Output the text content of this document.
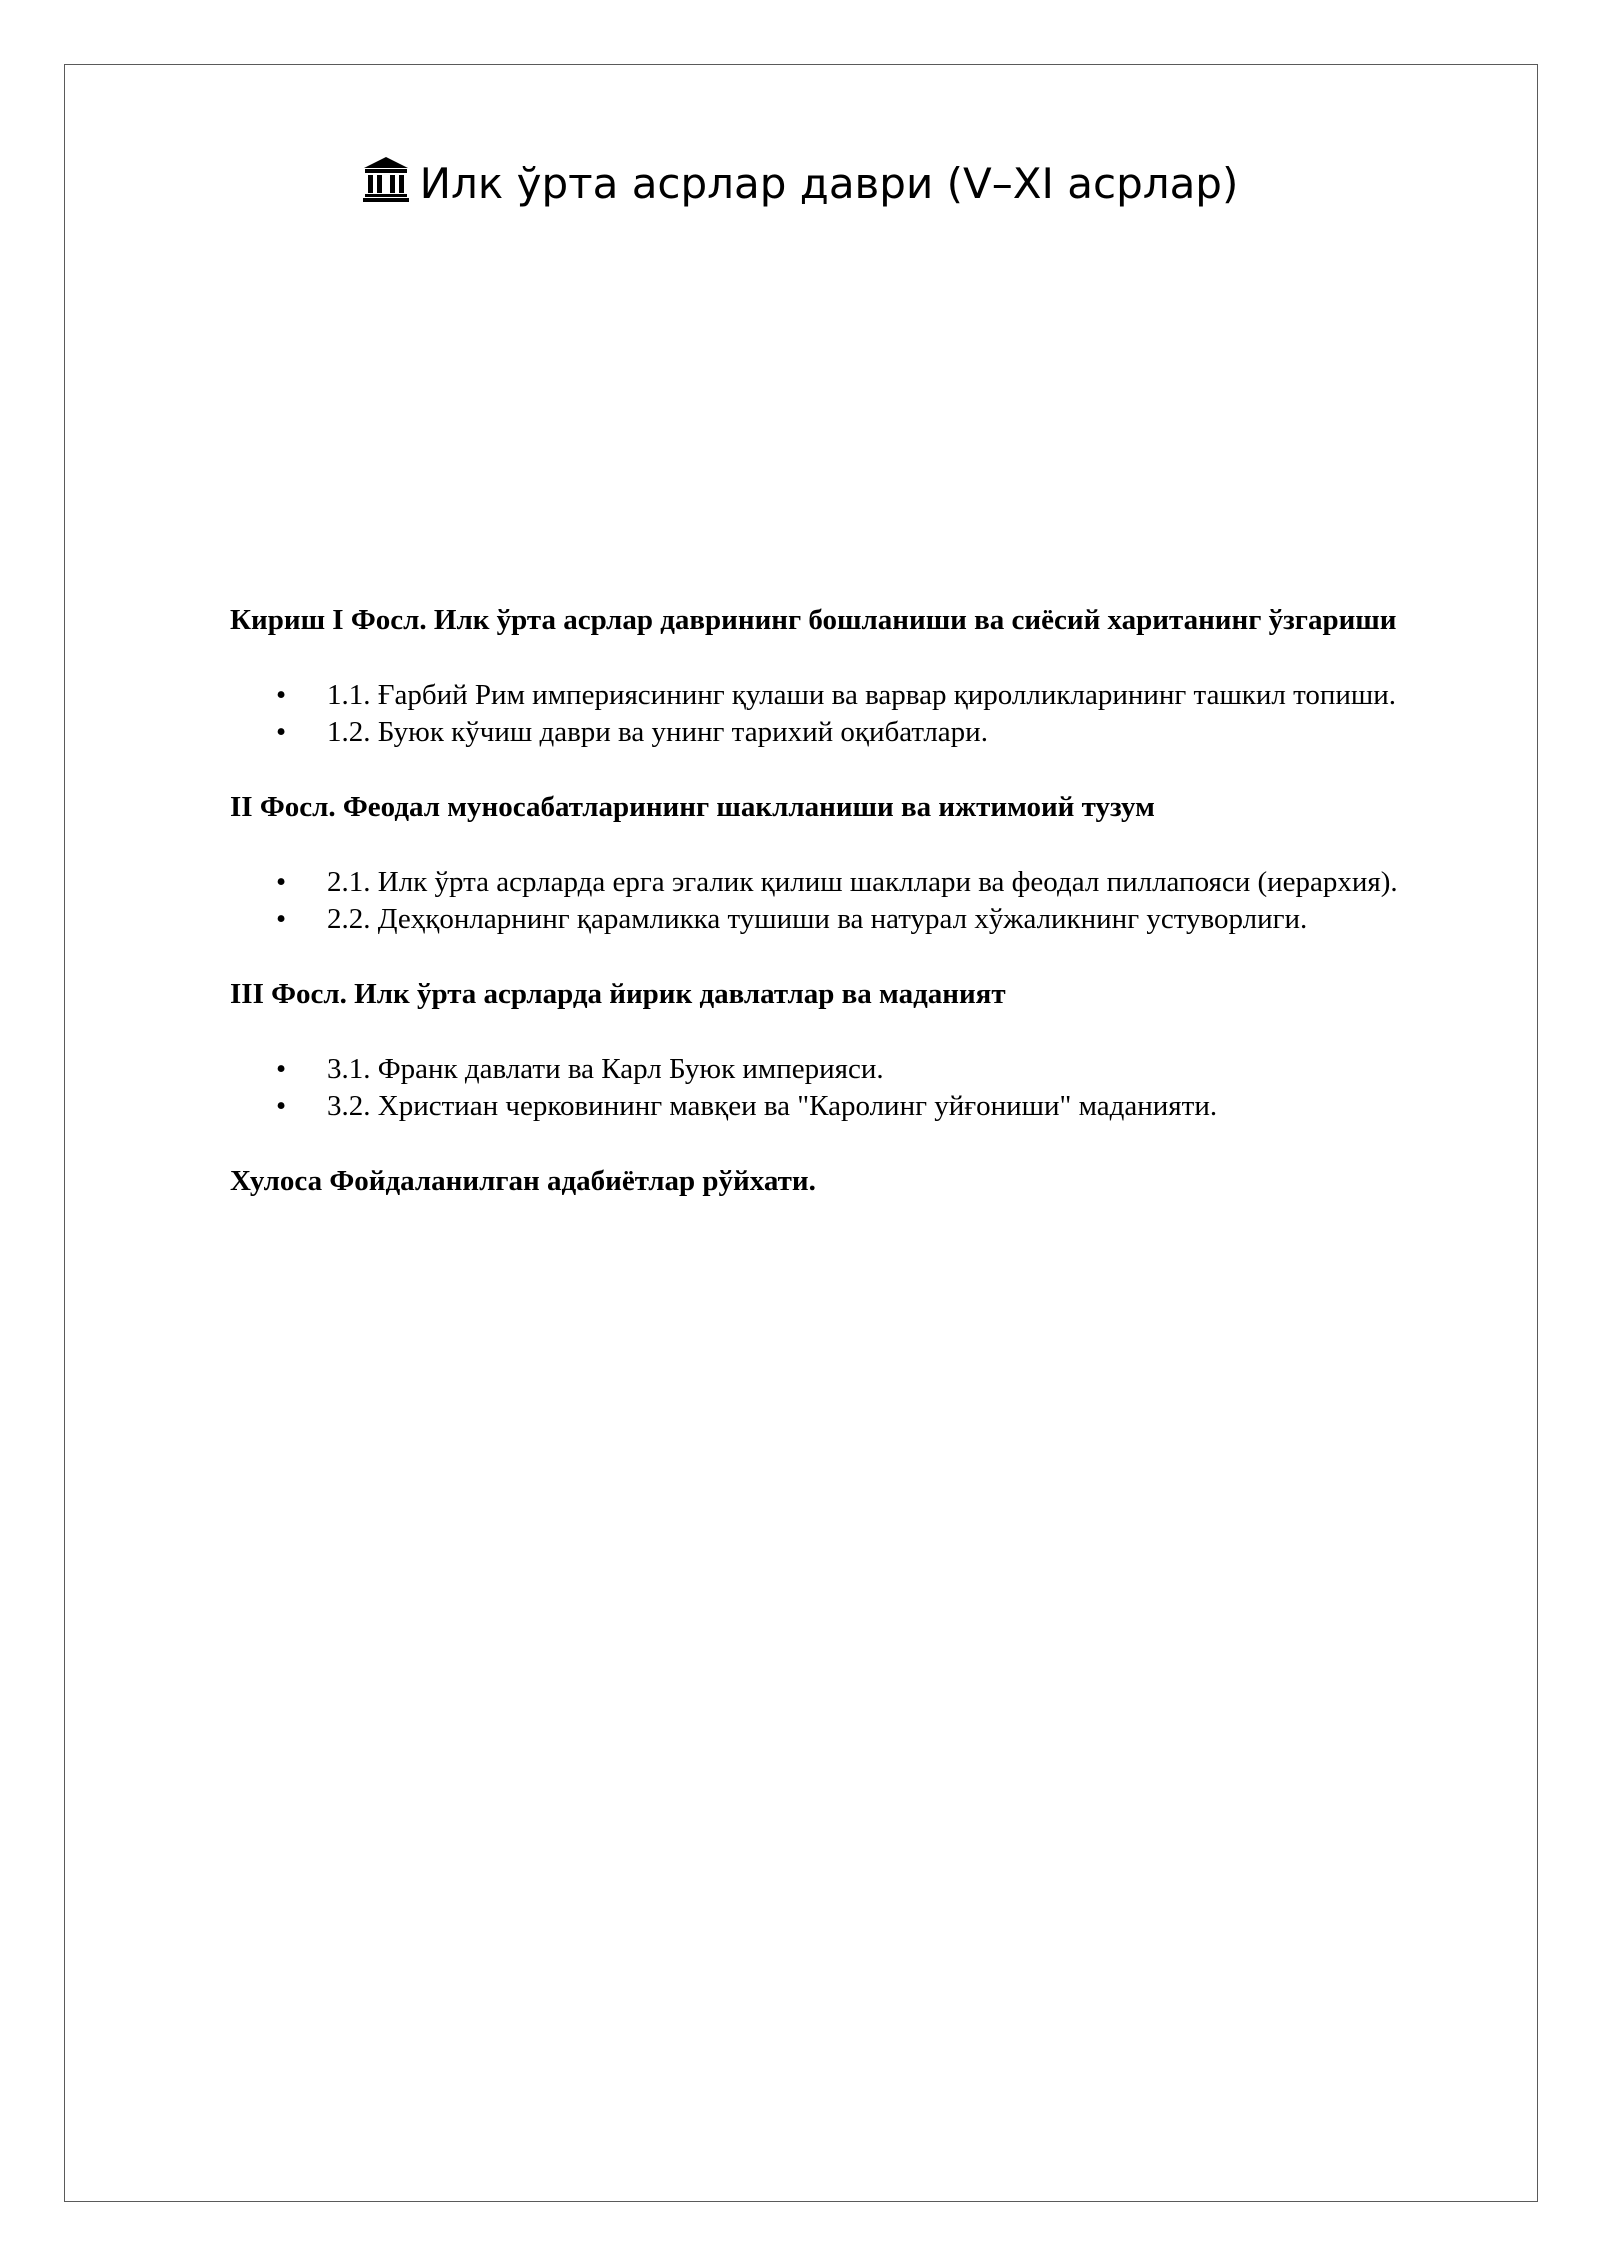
Илк ўрта асрлар даври (V–XI асрлар)

Кириш I Фосл. Илк ўрта асрлар даврининг бошланиши ва сиёсий хаританинг ўзгариши

• 1.1. Ғарбий Рим империясининг қулаши ва варвар қиролликларининг ташкил топиши.
• 1.2. Буюк кўчиш даври ва унинг тарихий оқибатлари.

II Фосл. Феодал муносабатларининг шаклланиши ва ижтимоий тузум

• 2.1. Илк ўрта асрларда ерга эгалик қилиш шакллари ва феодал пиллапояси (иерархия).
• 2.2. Деҳқонларнинг қарамликка тушиши ва натурал хўжаликнинг устуворлиги.

III Фосл. Илк ўрта асрларда йирик давлатлар ва маданият

• 3.1. Франк давлати ва Карл Буюк империяси.
• 3.2. Христиан черковининг мавқеи ва "Каролинг уйғониши" маданияти.

Хулоса Фойдаланилган адабиётлар рўйхати.
